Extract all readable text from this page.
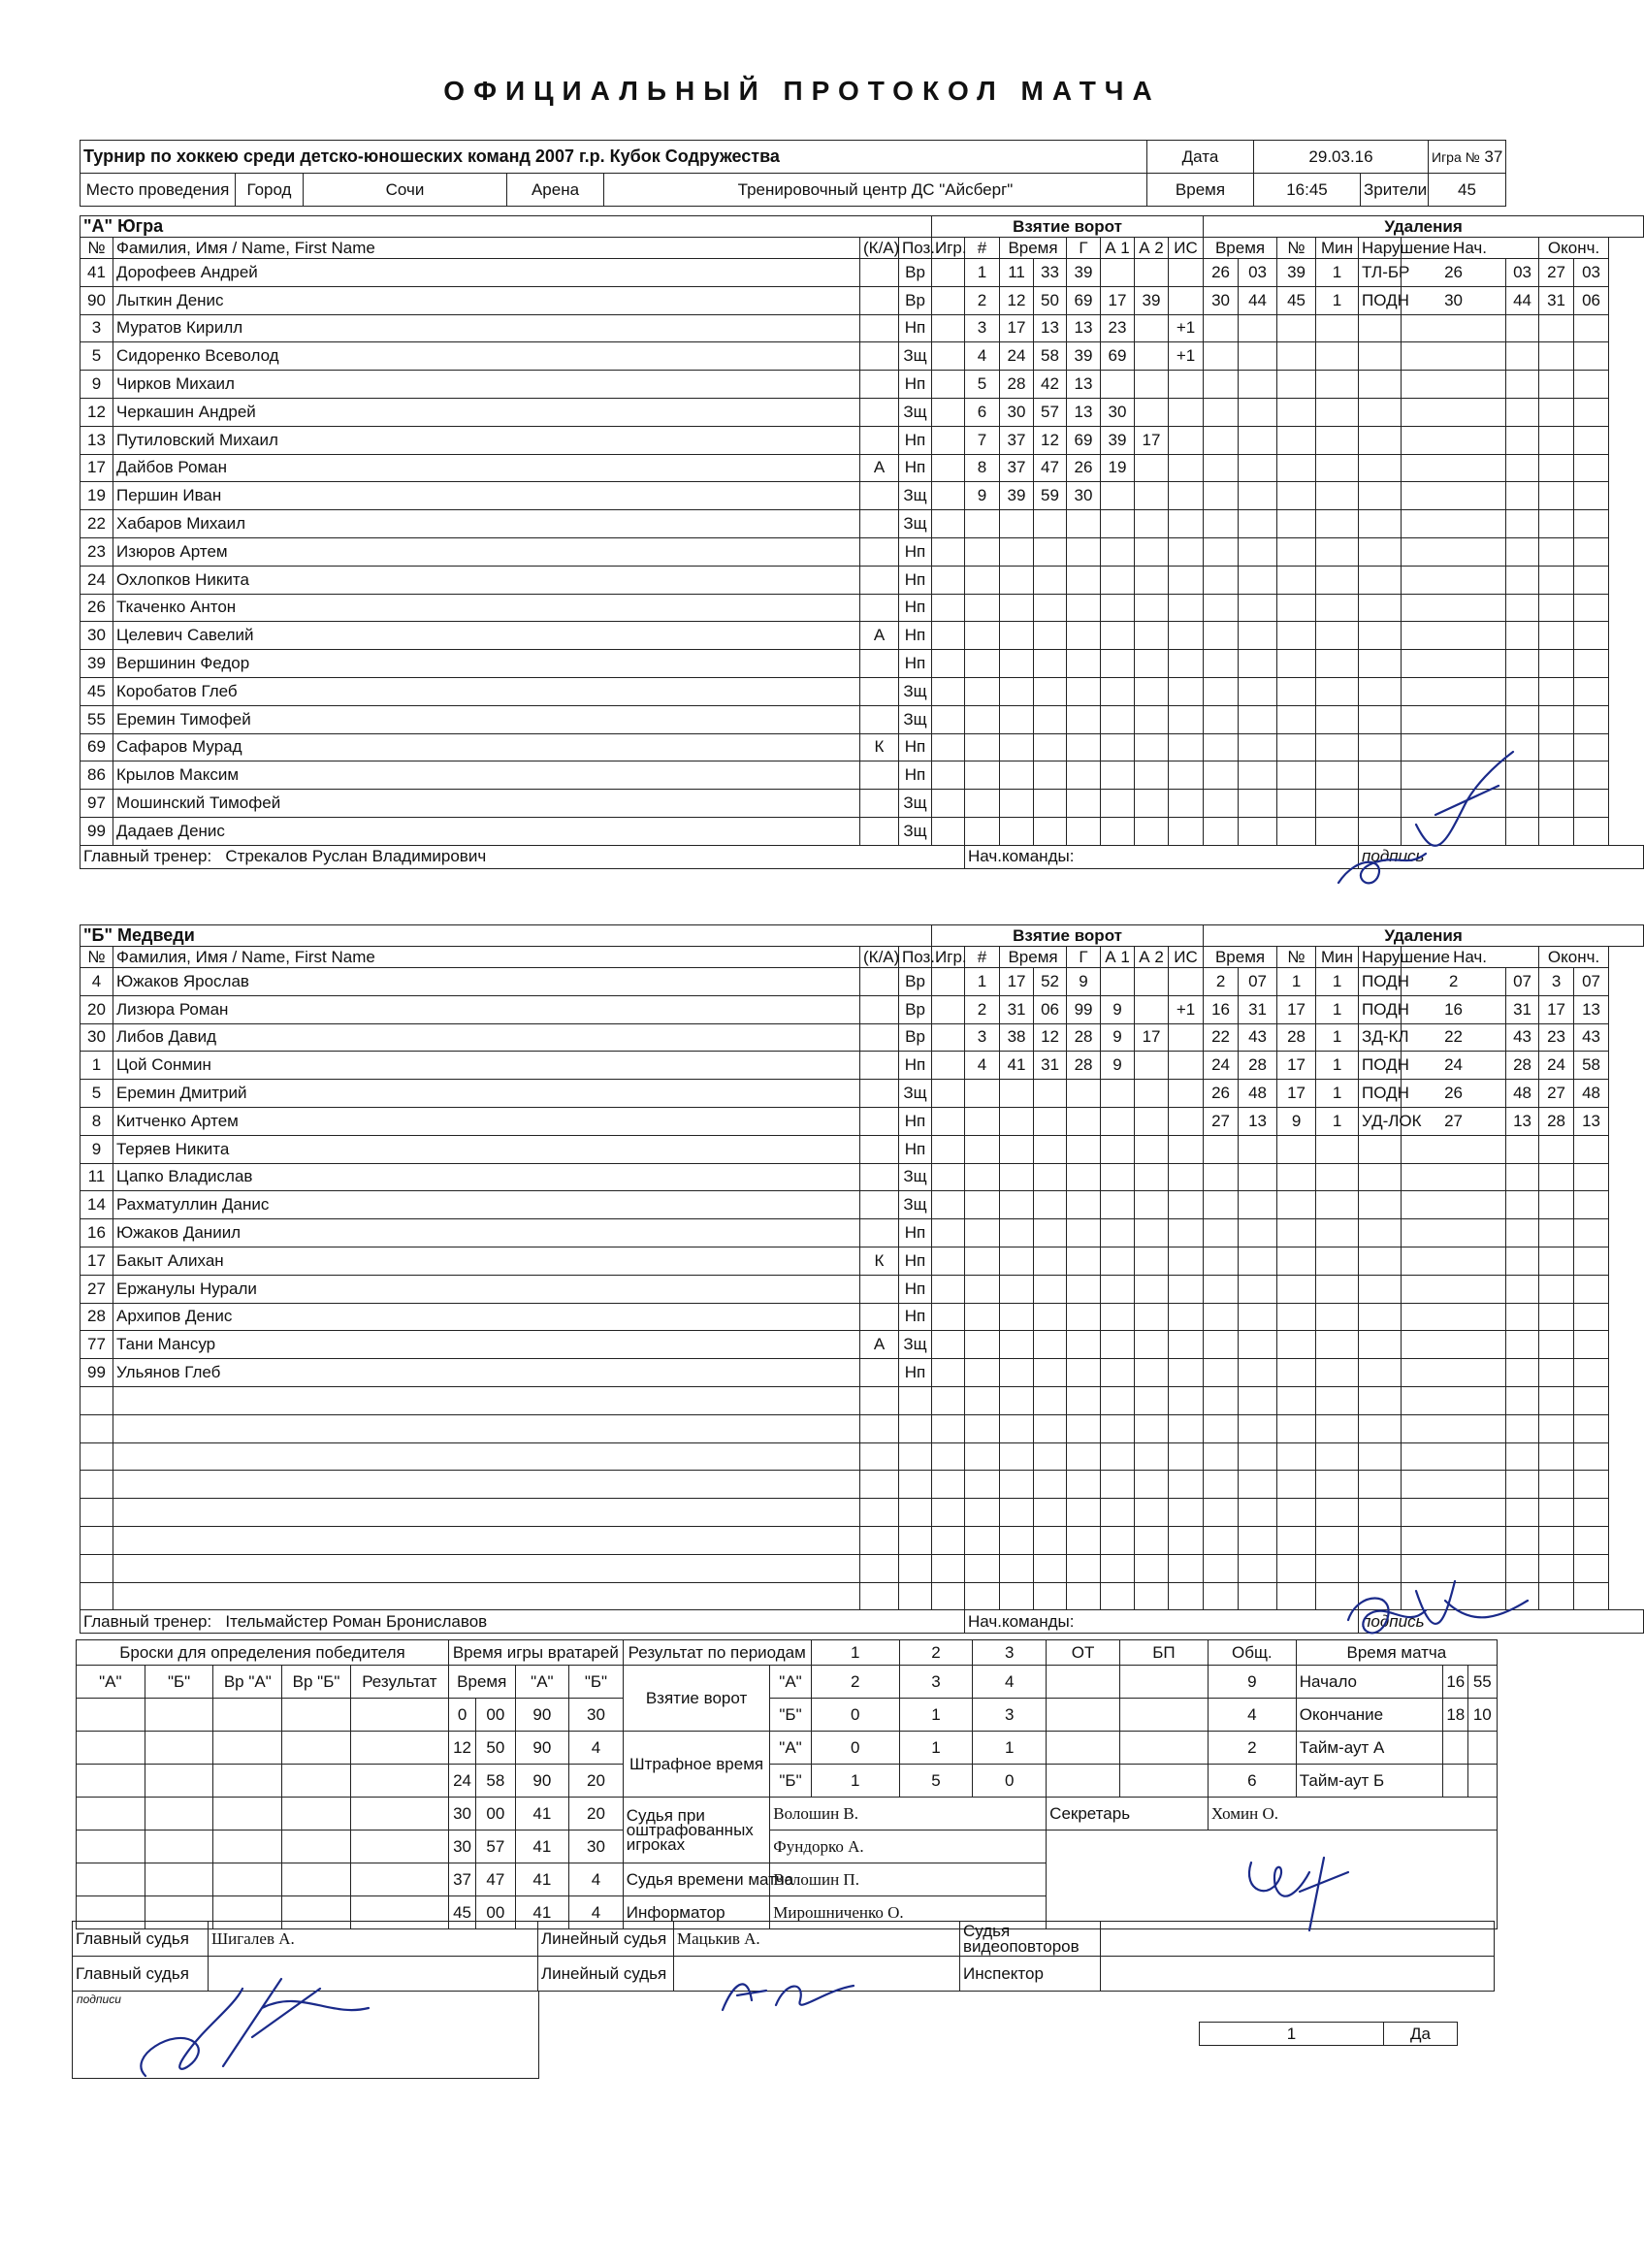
ОФИЦИАЛЬНЫЙ ПРОТОКОЛ МАТЧА
Турнир по хоккею среди детско-юношеских команд 2007 г.р. Кубок Содружества					Дата	29.03.16		Игра № 37
Место проведения	Город	Сочи	Арена	Тренировочный центр ДС "Айсберг"	Время	16:45	Зрители	45
"А" Югра				Взятие ворот								Удаления								
№	Фамилия, Имя / Name, First Name	(К/А)	Поз.	Игр.	#	Время		Г	А 1	А 2	ИС	Время		№	Мин	Нарушение	Нач.		Оконч.	
41	Дорофеев Андрей		Вр		1	11	33	39				26	03	39	1	ТЛ-БР	26	03	27	03
90	Лыткин Денис		Вр		2	12	50	69	17	39		30	44	45	1	ПОДН	30	44	31	06
3	Муратов Кирилл		Нп		3	17	13	13	23		+1									
5	Сидоренко Всеволод		Зщ		4	24	58	39	69		+1									
9	Чирков Михаил		Нп		5	28	42	13												
12	Черкашин Андрей		Зщ		6	30	57	13	30											
13	Путиловский Михаил		Нп		7	37	12	69	39	17										
17	Дайбов Роман	А	Нп		8	37	47	26	19											
19	Першин Иван		Зщ		9	39	59	30												
22	Хабаров Михаил		Зщ																	
23	Изюров Артем		Нп																	
24	Охлопков Никита		Нп																	
26	Ткаченко Антон		Нп																	
30	Целевич Савелий	А	Нп																	
39	Вершинин Федор		Нп																	
45	Коробатов Глеб		Зщ																	
55	Еремин Тимофей		Зщ																	
69	Сафаров Мурад	К	Нп																	
86	Крылов Максим		Нп																	
97	Мошинский Тимофей		Зщ																	
99	Дадаев Денис		Зщ																	
Главный тренер: Стрекалов Руслан Владимирович					Нач.команды:											подпись				
"Б" Медведи				Взятие ворот								Удаления								
№	Фамилия, Имя / Name, First Name	(К/А)	Поз.	Игр.	#	Время		Г	А 1	А 2	ИС	Время		№	Мин	Нарушение	Нач.		Оконч.	
4	Южаков Ярослав		Вр		1	17	52	9				2	07	1	1	ПОДН	2	07	3	07
20	Лизюра Роман		Вр		2	31	06	99	9		+1	16	31	17	1	ПОДН	16	31	17	13
30	Либов Давид		Вр		3	38	12	28	9	17		22	43	28	1	ЗД-КЛ	22	43	23	43
1	Цой Сонмин		Нп		4	41	31	28	9			24	28	17	1	ПОДН	24	28	24	58
5	Еремин Дмитрий		Зщ									26	48	17	1	ПОДН	26	48	27	48
8	Китченко Артем		Нп									27	13	9	1	УД-ЛОК	27	13	28	13
9	Теряев Никита		Нп																	
11	Цапко Владислав		Зщ																	
14	Рахматуллин Данис		Зщ																	
16	Южаков Даниил		Нп																	
17	Бакыт Алихан	К	Нп																	
27	Ержанулы Нурали		Нп																	
28	Архипов Денис		Нп																	
77	Тани Мансур	А	Зщ																	
99	Ульянов Глеб		Нп																	

Главный тренер: Ітельмайстер Роман Брониславов					Нач.команды:											подпись				
Броски для определения победителя					Время игры вратарей				Результат по периодам		1	2	3	OT	БП	Общ.	Время матча		
"А"	"Б"	Вр "А"	Вр "Б"	Результат	Время		"А"	"Б"	Взятие ворот	"А"	2	3	4			9	Начало	16	55
					0	00	90	30		"Б"	0	1	3			4	Окончание	18	10
					12	50	90	4	Штрафное время	"А"	0	1	1			2	Тайм-аут А		
					24	58	90	20		"Б"	1	5	0			6	Тайм-аут Б		
					30	00	41	20	Судья при оштрафованных игроках	Волошин В.				Секретарь		Хомин О.			
					30	57	41	30		Фундорко А.									
					37	47	41	4	Судья времени матча	Волошин П.									
					45	00	41	4	Информатор	Мирошниченко О.									
Главный судья	Шигалев А.	Линейный судья	Мацькив А.	Судья видеоповторов	
Главный судья		Линейный судья		Инспектор	
подписи
1	Да
